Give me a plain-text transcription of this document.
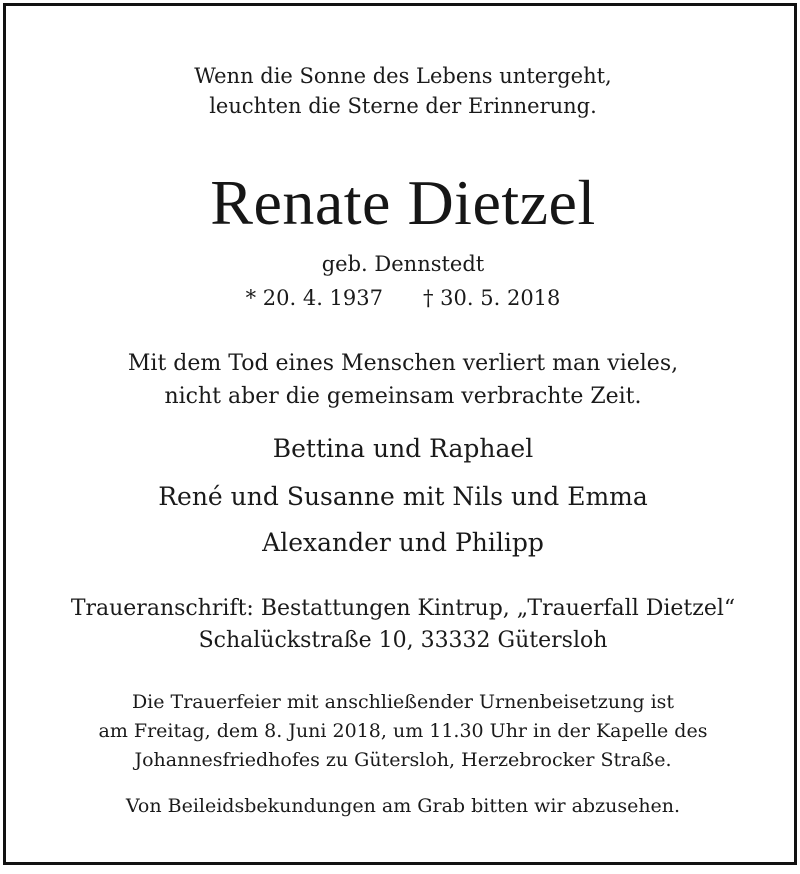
Wenn die Sonne des Lebens untergeht,
leuchten die Sterne der Erinnerung.
Renate Dietzel
geb. Dennstedt
* 20. 4. 1937 † 30. 5. 2018
Mit dem Tod eines Menschen verliert man vieles,
nicht aber die gemeinsam verbrachte Zeit.
Bettina und Raphael
René und Susanne mit Nils und Emma
Alexander und Philipp
Traueranschrift: Bestattungen Kintrup, „Trauerfall Dietzel“
Schalückstraße 10, 33332 Gütersloh
Die Trauerfeier mit anschließender Urnenbeisetzung ist
am Freitag, dem 8. Juni 2018, um 11.30 Uhr in der Kapelle des
Johannesfriedhofes zu Gütersloh, Herzebrocker Straße.
Von Beileidsbekundungen am Grab bitten wir abzusehen.
